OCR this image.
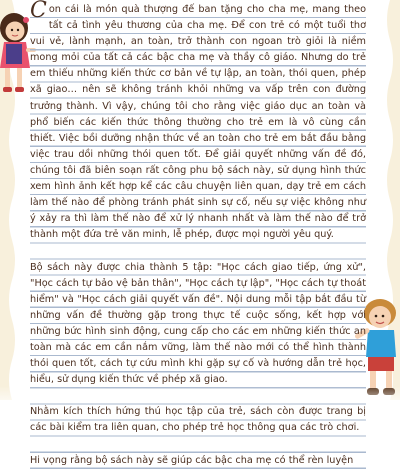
Con cái là món quà thượng đế ban tặng cho cha mẹ, mang theo tất cả tình yêu thương của cha mẹ. Để con trẻ có một tuổi thơ vui vẻ, lành mạnh, an toàn, trở thành con ngoan trò giỏi là niềm mong mỏi của tất cả các bậc cha mẹ và thầy cô giáo. Nhưng do trẻ em thiếu những kiến thức cơ bản về tự lập, an toàn, thói quen, phép xã giao… nên sẽ không tránh khỏi những va vấp trên con đường trưởng thành. Vì vậy, chúng tôi cho rằng việc giáo dục an toàn và phổ biến các kiến thức thông thường cho trẻ em là vô cùng cần thiết. Việc bồi dưỡng nhận thức về an toàn cho trẻ em bắt đầu bằng việc trau dồi những thói quen tốt. Để giải quyết những vấn đề đó, chúng tôi đã biên soạn rất công phu bộ sách này, sử dụng hình thức xem hình ảnh kết hợp kể các câu chuyện liên quan, dạy trẻ em cách làm thế nào để phòng tránh phát sinh sự cố, nếu sự việc không như ý xảy ra thì làm thế nào để xử lý nhanh nhất và làm thế nào để trở thành một đứa trẻ văn minh, lễ phép, được mọi người yêu quý.

Bộ sách này được chia thành 5 tập: "Học cách giao tiếp, ứng xử", "Học cách tự bảo vệ bản thân", "Học cách tự lập", "Học cách tự thoát hiểm" và "Học cách giải quyết vấn đề". Nội dung mỗi tập bắt đầu từ những vấn đề thường gặp trong thực tế cuộc sống, kết hợp với những bức hình sinh động, cung cấp cho các em những kiến thức an toàn mà các em cần nắm vững, làm thế nào mới có thể hình thành thói quen tốt, cách tự cứu mình khi gặp sự cố và hướng dẫn trẻ học, hiểu, sử dụng kiến thức về phép xã giao.

Nhằm kích thích hứng thú học tập của trẻ, sách còn được trang bị các bài kiểm tra liên quan, cho phép trẻ học thông qua các trò chơi.

Hi vọng rằng bộ sách này sẽ giúp các bậc cha mẹ có thể rèn luyện
